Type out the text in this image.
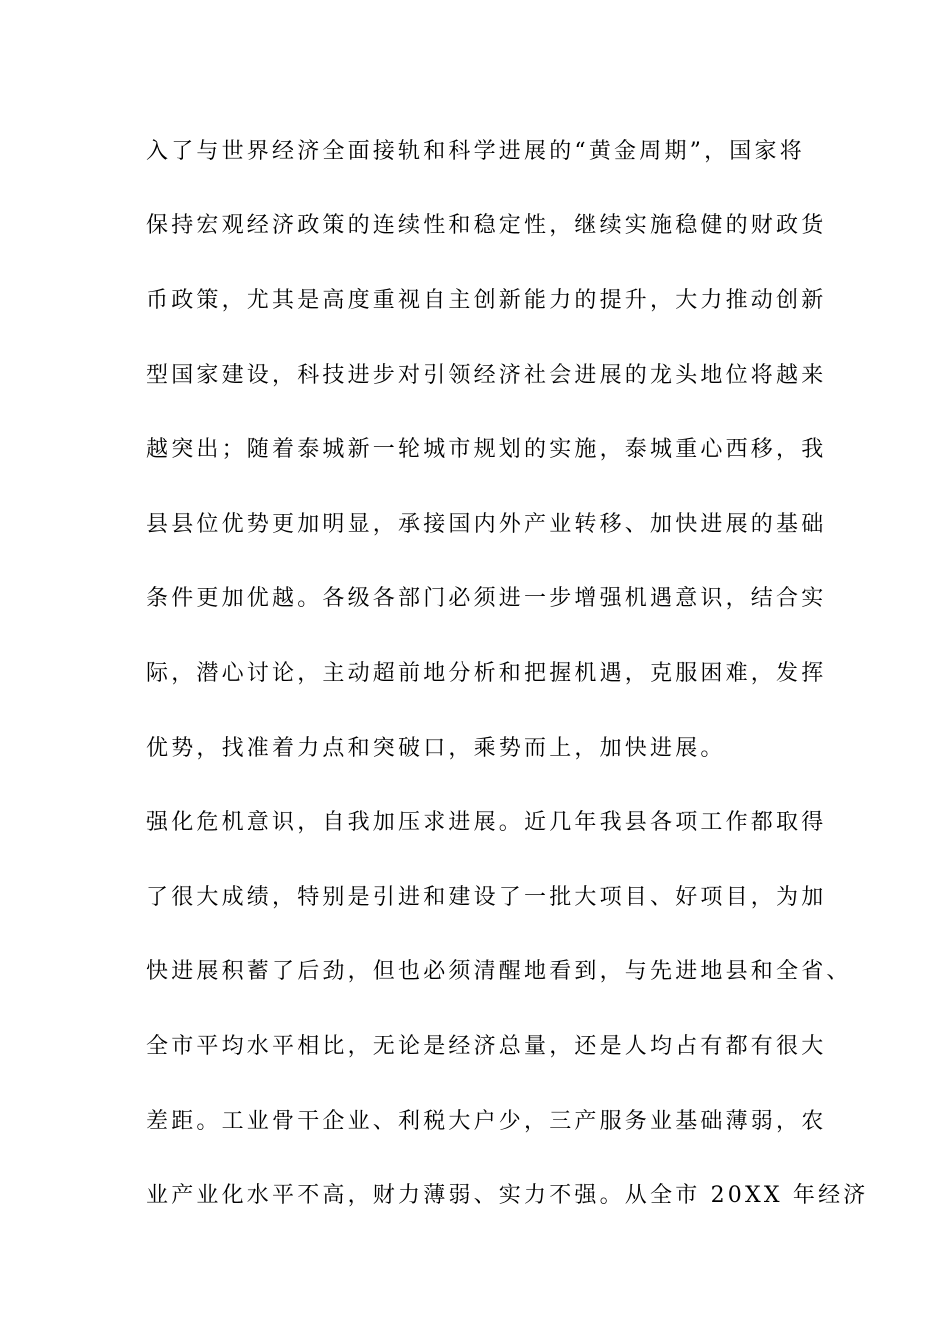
入了与世界经济全面接轨和科学进展的“黄金周期”，国家将
保持宏观经济政策的连续性和稳定性，继续实施稳健的财政货
币政策，尤其是高度重视自主创新能力的提升，大力推动创新
型国家建设，科技进步对引领经济社会进展的龙头地位将越来
越突出；随着泰城新一轮城市规划的实施，泰城重心西移，我
县县位优势更加明显，承接国内外产业转移、加快进展的基础
条件更加优越。各级各部门必须进一步增强机遇意识，结合实
际，潜心讨论，主动超前地分析和把握机遇，克服困难，发挥
优势，找准着力点和突破口，乘势而上，加快进展。
强化危机意识，自我加压求进展。近几年我县各项工作都取得
了很大成绩，特别是引进和建设了一批大项目、好项目，为加
快进展积蓄了后劲，但也必须清醒地看到，与先进地县和全省、
全市平均水平相比，无论是经济总量，还是人均占有都有很大
差距。工业骨干企业、利税大户少，三产服务业基础薄弱，农
业产业化水平不高，财力薄弱、实力不强。从全市 20XX 年经济
